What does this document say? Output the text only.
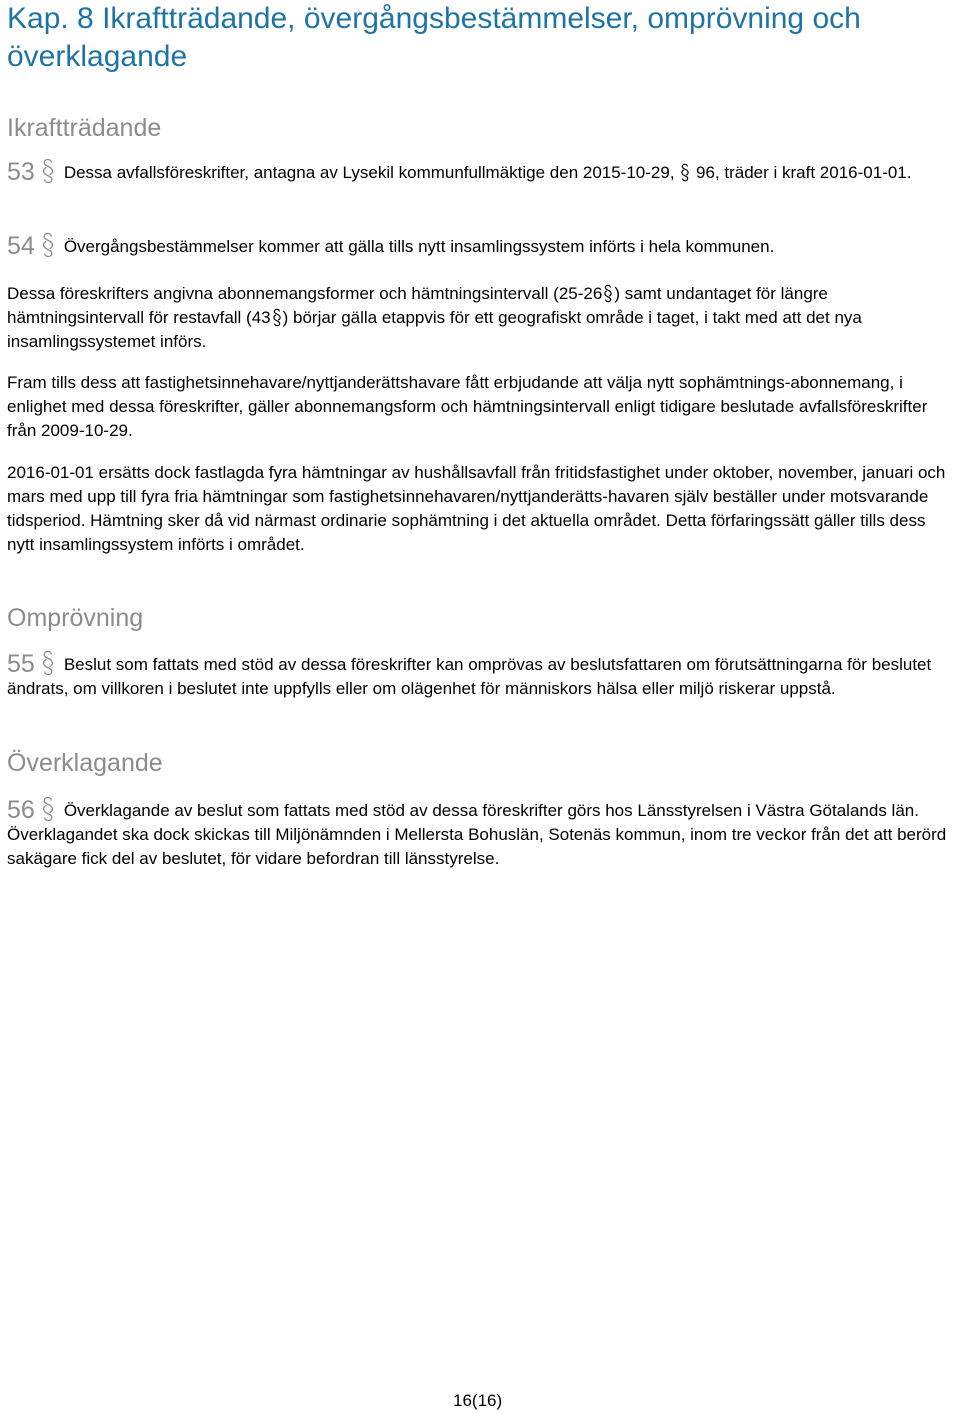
Kap. 8 Ikraftträdande, övergångsbestämmelser, omprövning och överklagande
Ikraftträdande

53 Dessa avfallsföreskrifter, antagna av Lysekil kommunfullmäktige den 2015-10-29, 96, träder i kraft 2016-01-01.

54 Övergångsbestämmelser kommer att gälla tills nytt insamlingssystem införts i hela kommunen.

Dessa föreskrifters angivna abonnemangsformer och hämtningsintervall (25-26 ) samt undantaget för längre hämtningsintervall för restavfall (43 ) börjar gälla etappvis för ett geografiskt område i taget, i takt med att det nya insamlingssystemet införs.

Fram tills dess att fastighetsinnehavare/nyttjanderättshavare fått erbjudande att välja nytt sophämtnings-abonnemang, i enlighet med dessa föreskrifter, gäller abonnemangsform och hämtningsintervall enligt tidigare beslutade avfallsföreskrifter från 2009-10-29.

2016-01-01 ersätts dock fastlagda fyra hämtningar av hushållsavfall från fritidsfastighet under oktober, november, januari och mars med upp till fyra fria hämtningar som fastighetsinnehavaren/nyttjanderätts-havaren själv beställer under motsvarande tidsperiod. Hämtning sker då vid närmast ordinarie sophämtning i det aktuella området. Detta förfaringssätt gäller tills dess nytt insamlingssystem införts i området.

Omprövning

55 Beslut som fattats med stöd av dessa föreskrifter kan omprövas av beslutsfattaren om förutsättningarna för beslutet ändrats, om villkoren i beslutet inte uppfylls eller om olägenhet för människors hälsa eller miljö riskerar uppstå.

Överklagande

56 Överklagande av beslut som fattats med stöd av dessa föreskrifter görs hos Länsstyrelsen i Västra Götalands län. Överklagandet ska dock skickas till Miljönämnden i Mellersta Bohuslän, Sotenäs kommun, inom tre veckor från det att berörd sakägare fick del av beslutet, för vidare befordran till länsstyrelse.

16(16)
